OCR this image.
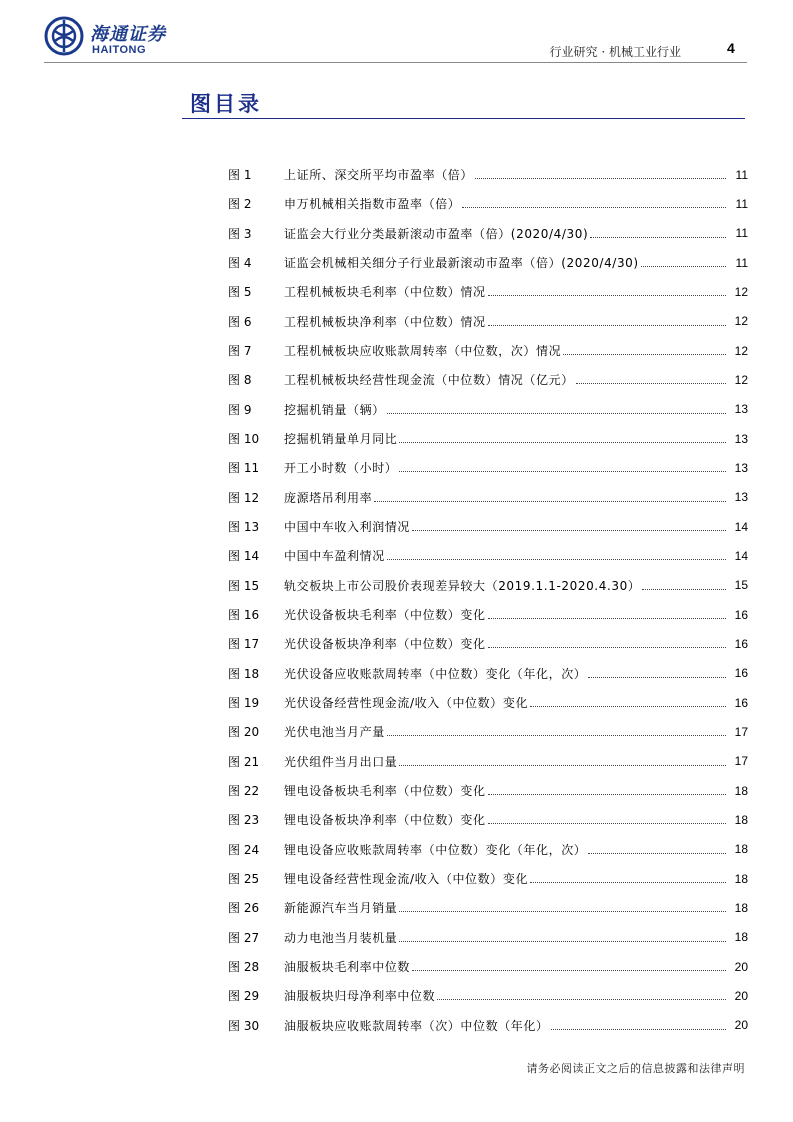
海通证券
HAITONG	行业研究 · 机械工业行业	4
图目录
图 1	上证所、深交所平均市盈率（倍）	11
图 2	申万机械相关指数市盈率（倍）	11
图 3	证监会大行业分类最新滚动市盈率（倍）(2020/4/30)	11
图 4	证监会机械相关细分子行业最新滚动市盈率（倍）(2020/4/30)	11
图 5	工程机械板块毛利率（中位数）情况	12
图 6	工程机械板块净利率（中位数）情况	12
图 7	工程机械板块应收账款周转率（中位数，次）情况	12
图 8	工程机械板块经营性现金流（中位数）情况（亿元）	12
图 9	挖掘机销量（辆）	13
图 10	挖掘机销量单月同比	13
图 11	开工小时数（小时）	13
图 12	庞源塔吊利用率	13
图 13	中国中车收入利润情况	14
图 14	中国中车盈利情况	14
图 15	轨交板块上市公司股价表现差异较大（2019.1.1-2020.4.30）	15
图 16	光伏设备板块毛利率（中位数）变化	16
图 17	光伏设备板块净利率（中位数）变化	16
图 18	光伏设备应收账款周转率（中位数）变化（年化，次）	16
图 19	光伏设备经营性现金流/收入（中位数）变化	16
图 20	光伏电池当月产量	17
图 21	光伏组件当月出口量	17
图 22	锂电设备板块毛利率（中位数）变化	18
图 23	锂电设备板块净利率（中位数）变化	18
图 24	锂电设备应收账款周转率（中位数）变化（年化，次）	18
图 25	锂电设备经营性现金流/收入（中位数）变化	18
图 26	新能源汽车当月销量	18
图 27	动力电池当月装机量	18
图 28	油服板块毛利率中位数	20
图 29	油服板块归母净利率中位数	20
图 30	油服板块应收账款周转率（次）中位数（年化）	20
请务必阅读正文之后的信息披露和法律声明
